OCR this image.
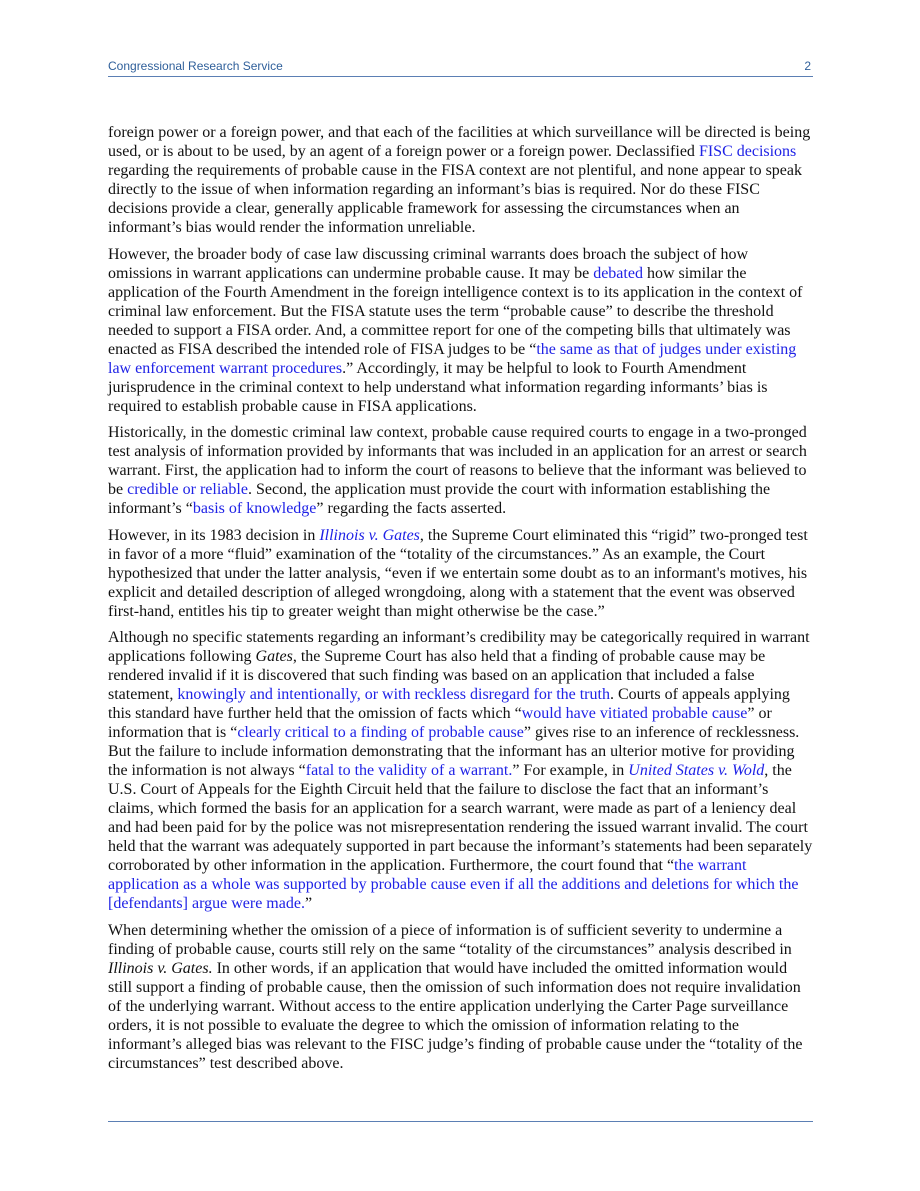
Congressional Research Service	2

foreign power or a foreign power, and that each of the facilities at which surveillance will be directed is being used, or is about to be used, by an agent of a foreign power or a foreign power. Declassified FISC decisions regarding the requirements of probable cause in the FISA context are not plentiful, and none appear to speak directly to the issue of when information regarding an informant’s bias is required. Nor do these FISC decisions provide a clear, generally applicable framework for assessing the circumstances when an informant’s bias would render the information unreliable.

However, the broader body of case law discussing criminal warrants does broach the subject of how omissions in warrant applications can undermine probable cause. It may be debated how similar the application of the Fourth Amendment in the foreign intelligence context is to its application in the context of criminal law enforcement. But the FISA statute uses the term “probable cause” to describe the threshold needed to support a FISA order. And, a committee report for one of the competing bills that ultimately was enacted as FISA described the intended role of FISA judges to be “the same as that of judges under existing law enforcement warrant procedures.” Accordingly, it may be helpful to look to Fourth Amendment jurisprudence in the criminal context to help understand what information regarding informants’ bias is required to establish probable cause in FISA applications.

Historically, in the domestic criminal law context, probable cause required courts to engage in a two-pronged test analysis of information provided by informants that was included in an application for an arrest or search warrant. First, the application had to inform the court of reasons to believe that the informant was believed to be credible or reliable. Second, the application must provide the court with information establishing the informant’s “basis of knowledge” regarding the facts asserted.

However, in its 1983 decision in Illinois v. Gates, the Supreme Court eliminated this “rigid” two-pronged test in favor of a more “fluid” examination of the “totality of the circumstances.” As an example, the Court hypothesized that under the latter analysis, “even if we entertain some doubt as to an informant's motives, his explicit and detailed description of alleged wrongdoing, along with a statement that the event was observed first-hand, entitles his tip to greater weight than might otherwise be the case.”

Although no specific statements regarding an informant’s credibility may be categorically required in warrant applications following Gates, the Supreme Court has also held that a finding of probable cause may be rendered invalid if it is discovered that such finding was based on an application that included a false statement, knowingly and intentionally, or with reckless disregard for the truth. Courts of appeals applying this standard have further held that the omission of facts which “would have vitiated probable cause” or information that is “clearly critical to a finding of probable cause” gives rise to an inference of recklessness. But the failure to include information demonstrating that the informant has an ulterior motive for providing the information is not always “fatal to the validity of a warrant.” For example, in United States v. Wold, the U.S. Court of Appeals for the Eighth Circuit held that the failure to disclose the fact that an informant’s claims, which formed the basis for an application for a search warrant, were made as part of a leniency deal and had been paid for by the police was not misrepresentation rendering the issued warrant invalid. The court held that the warrant was adequately supported in part because the informant’s statements had been separately corroborated by other information in the application. Furthermore, the court found that “the warrant application as a whole was supported by probable cause even if all the additions and deletions for which the [defendants] argue were made.”

When determining whether the omission of a piece of information is of sufficient severity to undermine a finding of probable cause, courts still rely on the same “totality of the circumstances” analysis described in Illinois v. Gates. In other words, if an application that would have included the omitted information would still support a finding of probable cause, then the omission of such information does not require invalidation of the underlying warrant. Without access to the entire application underlying the Carter Page surveillance orders, it is not possible to evaluate the degree to which the omission of information relating to the informant’s alleged bias was relevant to the FISC judge’s finding of probable cause under the “totality of the circumstances” test described above.
